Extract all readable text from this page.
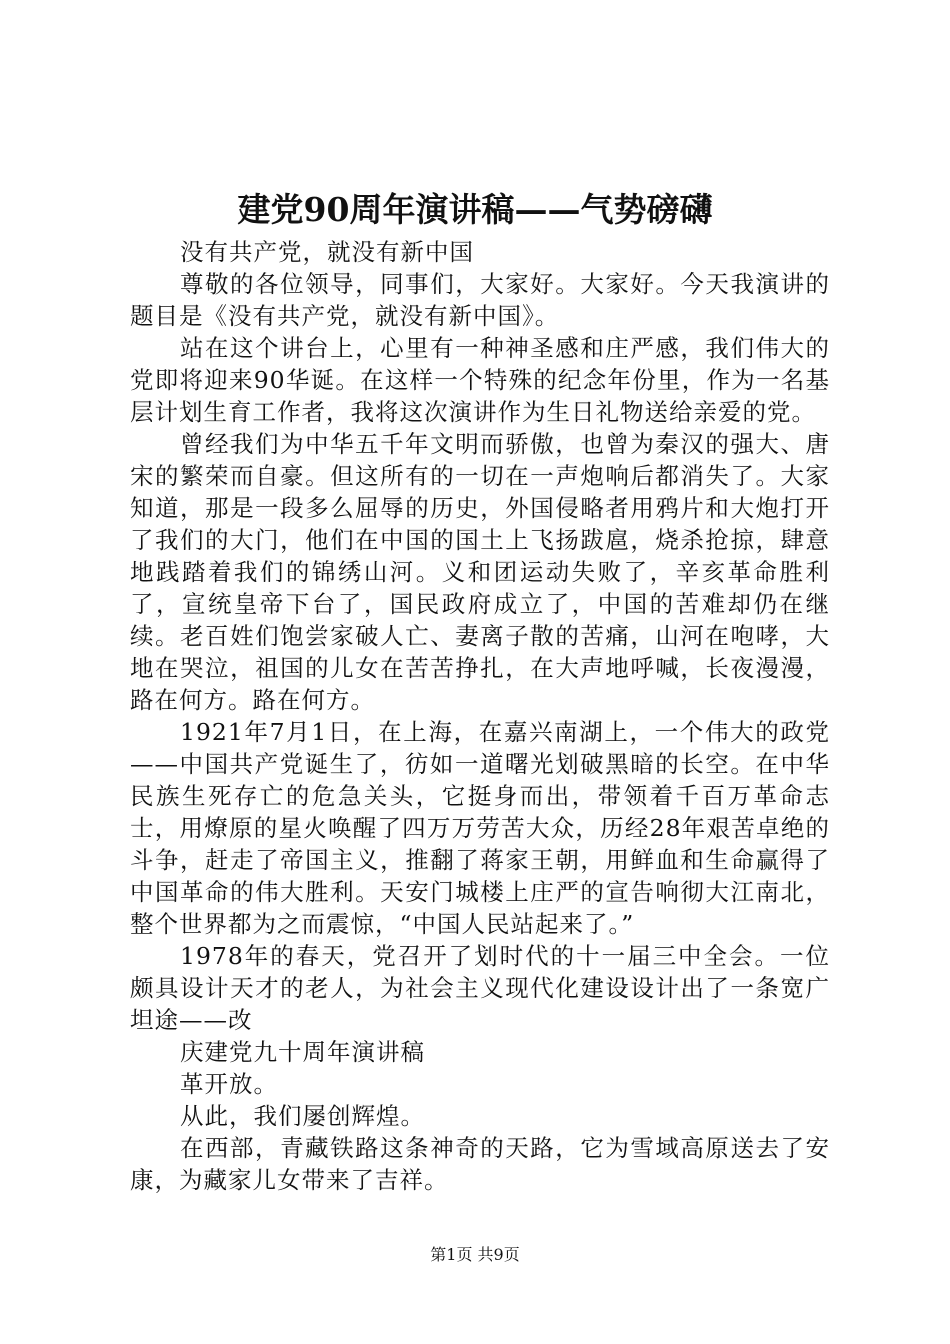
建党90周年演讲稿——气势磅礴

没有共产党，就没有新中国

尊敬的各位领导，同事们，大家好。大家好。今天我演讲的题目是《没有共产党，就没有新中国》。

站在这个讲台上，心里有一种神圣感和庄严感，我们伟大的党即将迎来90华诞。在这样一个特殊的纪念年份里，作为一名基层计划生育工作者，我将这次演讲作为生日礼物送给亲爱的党。

曾经我们为中华五千年文明而骄傲，也曾为秦汉的强大、唐宋的繁荣而自豪。但这所有的一切在一声炮响后都消失了。大家知道，那是一段多么屈辱的历史，外国侵略者用鸦片和大炮打开了我们的大门，他们在中国的国土上飞扬跋扈，烧杀抢掠，肆意地践踏着我们的锦绣山河。义和团运动失败了，辛亥革命胜利了，宣统皇帝下台了，国民政府成立了，中国的苦难却仍在继续。老百姓们饱尝家破人亡、妻离子散的苦痛，山河在咆哮，大地在哭泣，祖国的儿女在苦苦挣扎，在大声地呼喊，长夜漫漫，路在何方。路在何方。

1921年7月1日，在上海，在嘉兴南湖上，一个伟大的政党——中国共产党诞生了，彷如一道曙光划破黑暗的长空。在中华民族生死存亡的危急关头，它挺身而出，带领着千百万革命志士，用燎原的星火唤醒了四万万劳苦大众，历经28年艰苦卓绝的斗争，赶走了帝国主义，推翻了蒋家王朝，用鲜血和生命赢得了中国革命的伟大胜利。天安门城楼上庄严的宣告响彻大江南北，整个世界都为之而震惊，“中国人民站起来了。”

1978年的春天，党召开了划时代的十一届三中全会。一位颇具设计天才的老人，为社会主义现代化建设设计出了一条宽广坦途——改

庆建党九十周年演讲稿

革开放。

从此，我们屡创辉煌。

在西部，青藏铁路这条神奇的天路，它为雪域高原送去了安康，为藏家儿女带来了吉祥。

第1页 共9页
